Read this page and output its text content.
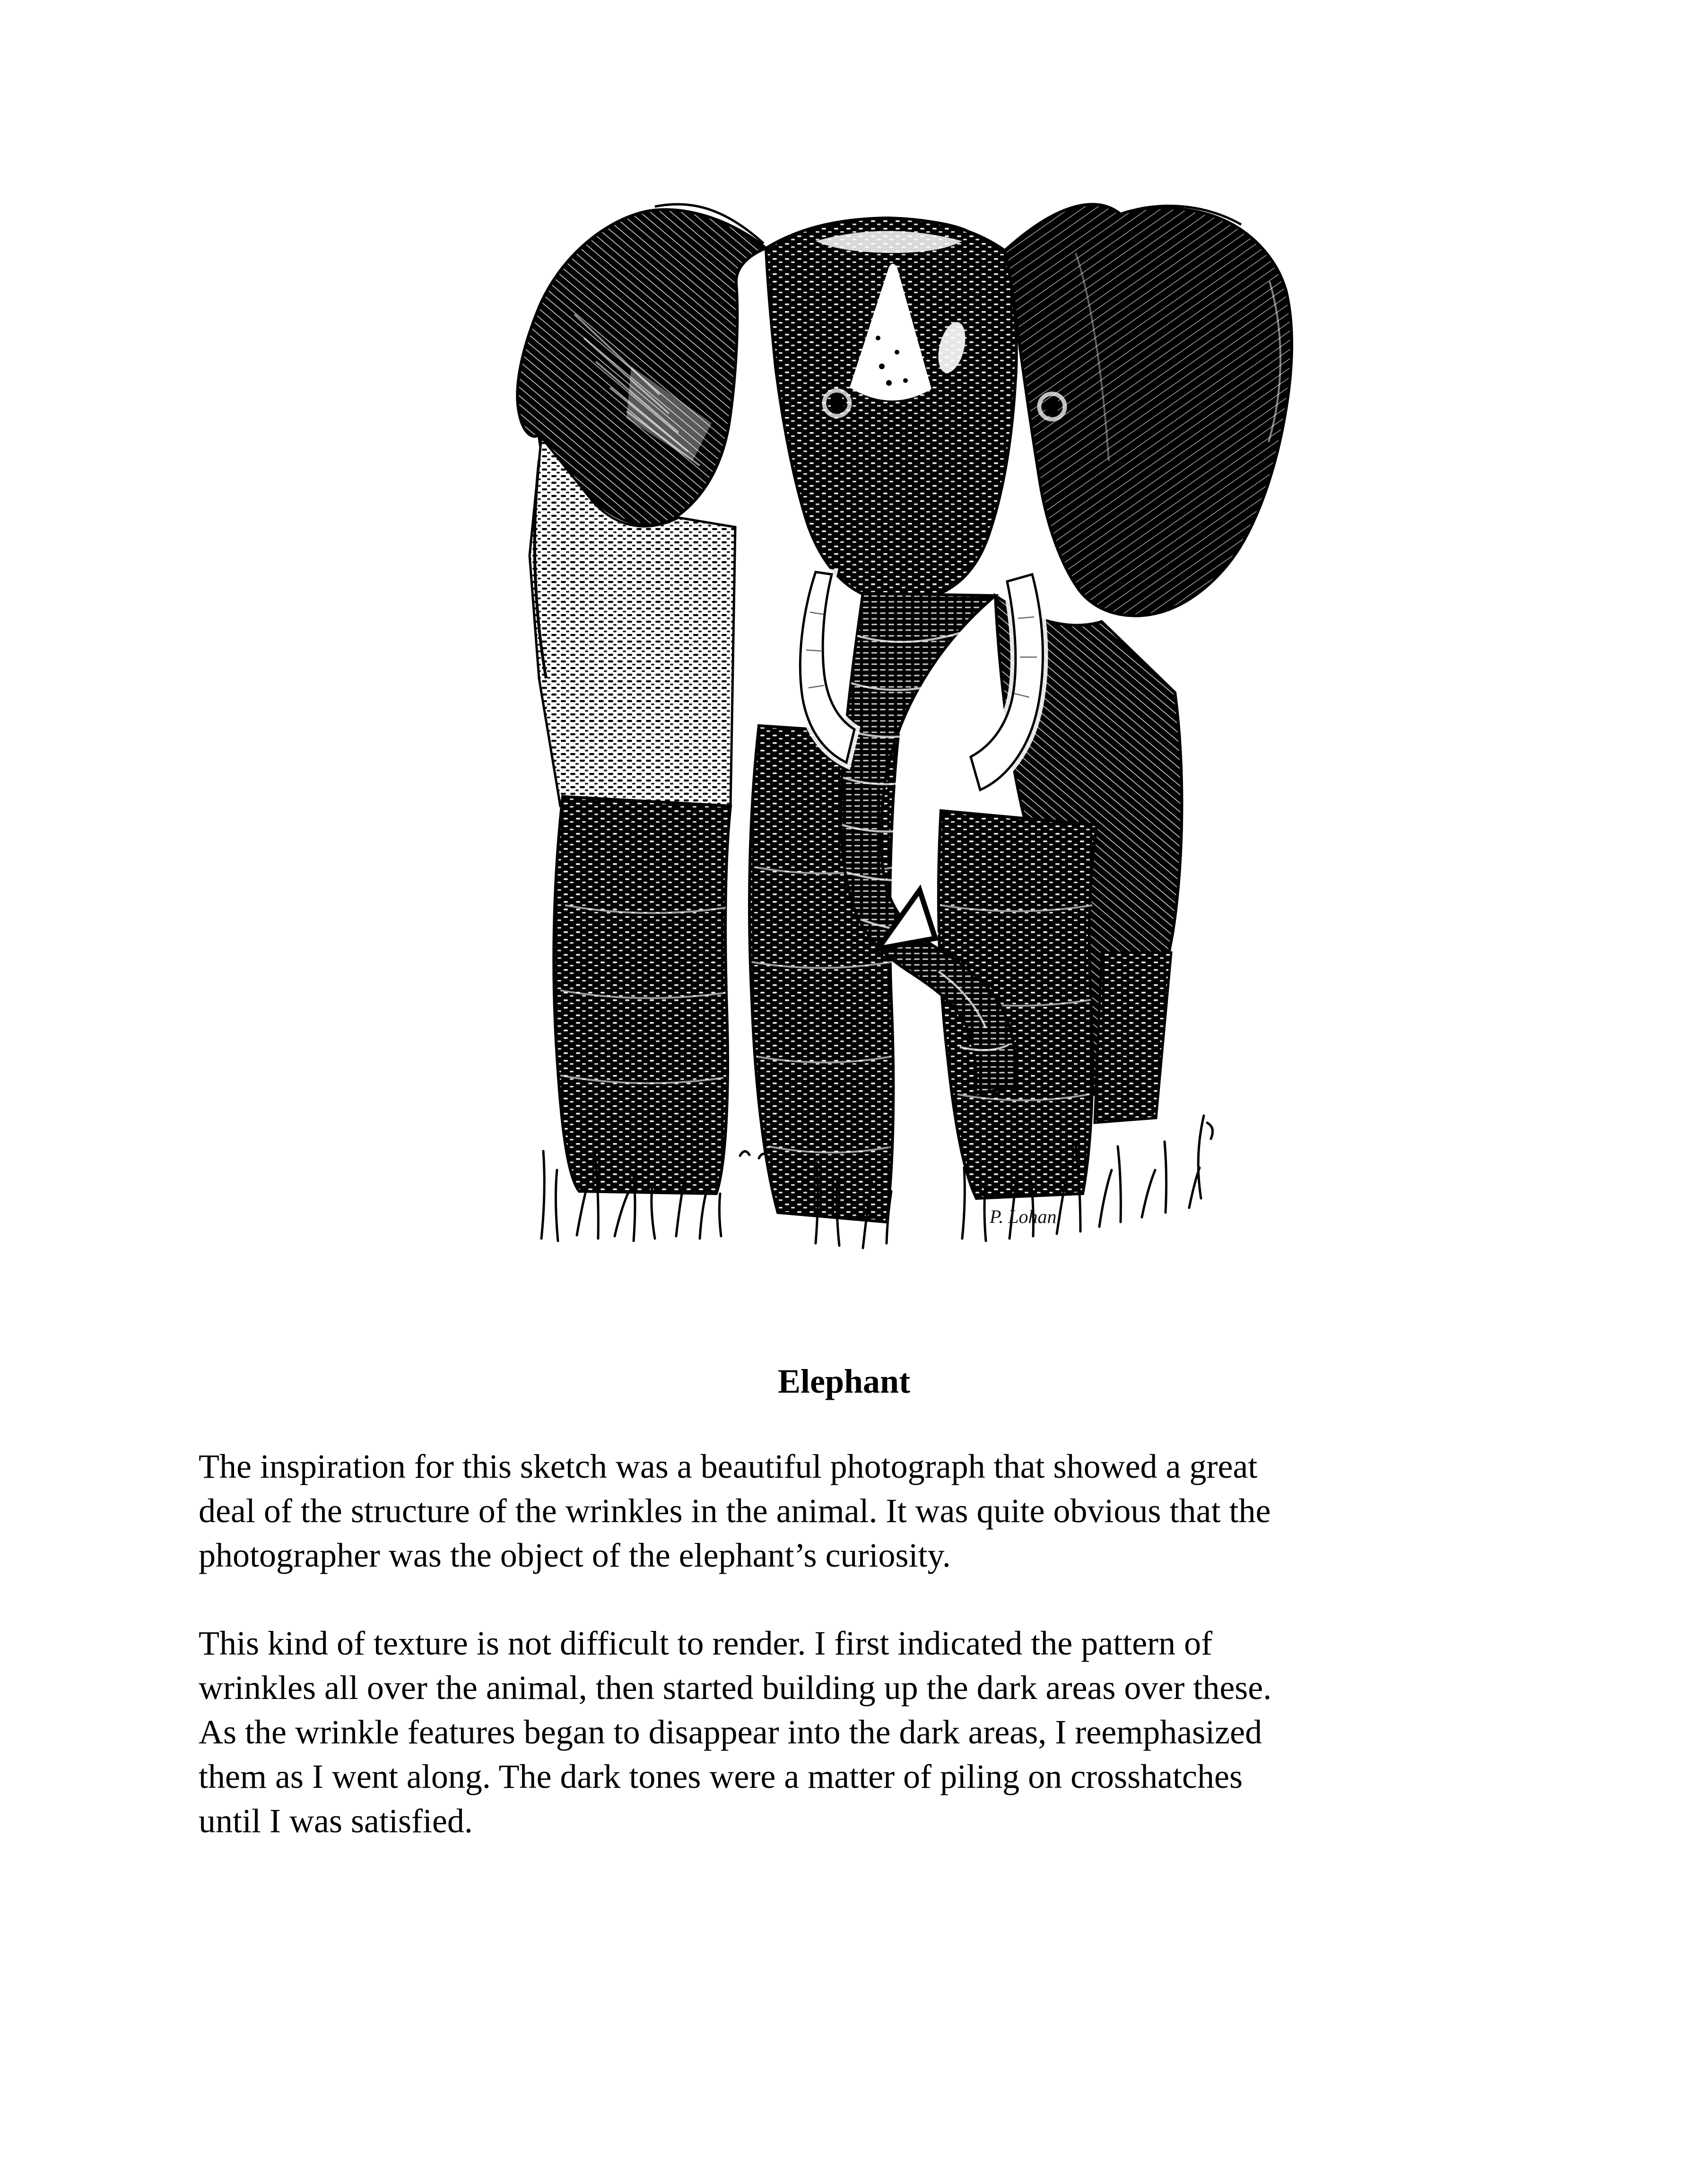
P. Lohan
Elephant

The inspiration for this sketch was a beautiful photograph that showed a great
deal of the structure of the wrinkles in the animal. It was quite obvious that the
photographer was the object of the elephant’s curiosity.

This kind of texture is not difficult to render. I first indicated the pattern of
wrinkles all over the animal, then started building up the dark areas over these.
As the wrinkle features began to disappear into the dark areas, I reemphasized
them as I went along. The dark tones were a matter of piling on crosshatches
until I was satisfied.
